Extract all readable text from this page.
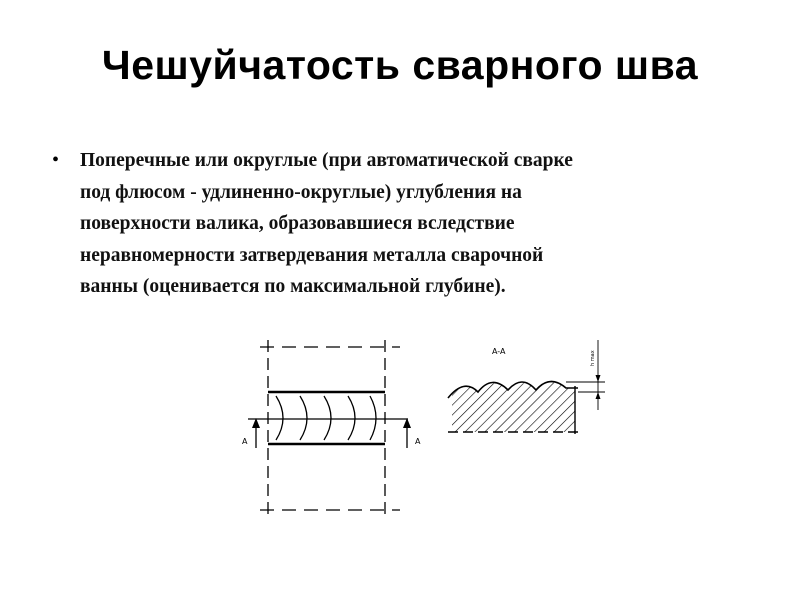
Чешуйчатость сварного шва
•	Поперечные или округлые (при автоматической сварке
под флюсом - удлиненно-округлые) углубления на
поверхности валика, образовавшиеся вследствие
неравномерности затвердевания металла сварочной
ванны (оценивается по максимальной глубине).
A	A
A-A	h max
